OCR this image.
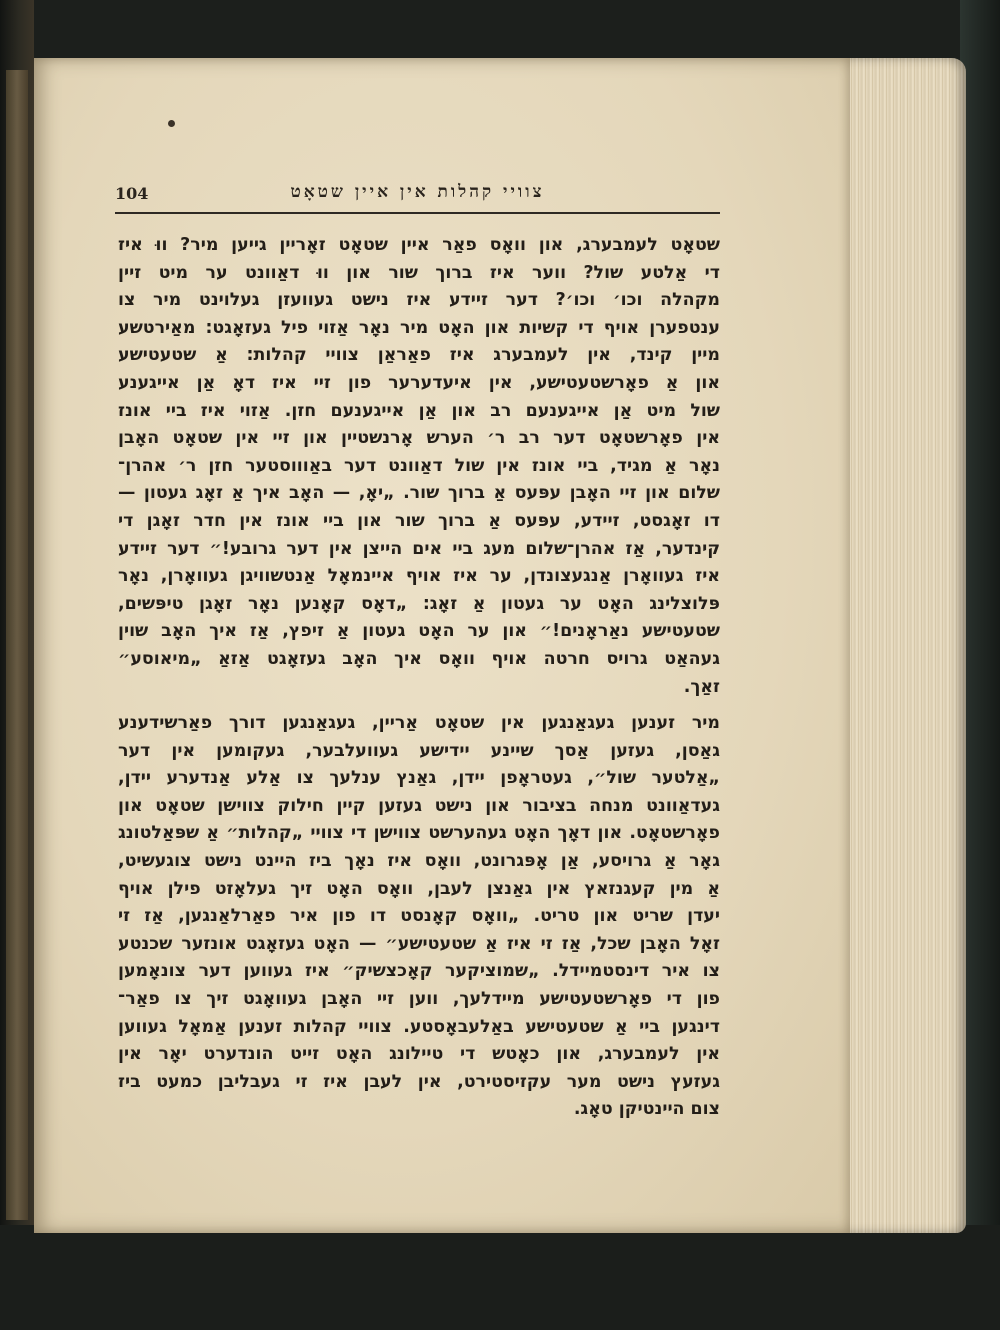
104	צוויי קהלות אין איין שטאָט
שטאָט לעמבערג, און וואָס פאַר איין שטאָט זאָריין גייען מיר? ווּ איז
די אַלטע שול? ווער איז ברוך שור און ווּ דאַוונט ער מיט זיין
מקהלה וכו׳ וכו׳? דער זיידע איז נישט געוועזן געלוינט מיר צו
ענטפערן אויף די קשיות און האָט מיר נאָר אַזוי פיל געזאָגט: מאַירטשע
מיין קינד, אין לעמבערג איז פאַראַן צוויי קהלות: אַ שטעטישע
און אַ פאָרשטעטישע, אין איעדערער פון זיי איז דאָ אַן אייגענע
שול מיט אַן אייגענעם רב און אַן אייגענעם חזן. אַזוי איז ביי אונז
אין פאָרשטאָט דער רב ר׳ הערש אָרנשטיין און זיי אין שטאָט האָבן
נאָר אַ מגיד, ביי אונז אין שול דאַוונט דער באַוווסטער חזן ר׳ אהרן־
שלום און זיי האָבן עפּעס אַ ברוך שור. „יאָ, — האָב איך אַ זאָג געטון —
דו זאָגסט, זיידע, עפּעס אַ ברוך שור און ביי אונז אין חדר זאָגן די
קינדער, אַז אהרן־שלום מעג ביי אים הייצן אין דער גרובע!״ דער זיידע
איז געוואָרן אַנגעצונדן, ער איז אויף איינמאָל אַנטשוויגן געוואָרן, נאָר
פּלוצלינג האָט ער געטון אַ זאָג: „דאָס קאָנען נאָר זאָגן טיפּשים,
שטעטישע נאַראָנים!״ און ער האָט געטון אַ זיפץ, אַז איך האָב שוין
געהאַט גרויס חרטה אויף וואָס איך האָב געזאָגט אַזאַ „מיאוסע״
זאַך.
מיר זענען געגאַנגען אין שטאָט אַריין, געגאַנגען דורך פאַרשידענע
גאַסן, געזען אַסך שיינע יידישע געוועלבער, געקומען אין דער
„אַלטער שול״, געטראָפן יידן, גאַנץ ענלעך צו אַלע אַנדערע יידן,
געדאַוונט מנחה בציבור און נישט געזען קיין חילוק צווישן שטאָט און
פאָרשטאָט. און דאָך האָט געהערשט צווישן די צוויי „קהלות״ אַ שפּאַלטונג
גאָר אַ גרויסע, אַן אָפּגרונט, וואָס איז נאָך ביז היינט נישט צוגעשיט,
אַ מין קעגנזאץ אין גאַנצן לעבן, וואָס האָט זיך געלאָזט פילן אויף
יעדן שריט און טריט. „וואָס קאָנסט דו פון איר פאַרלאַנגען, אַז זי
זאָל האָבן שכל, אַז זי איז אַ שטעטישע״ — האָט געזאָגט אונזער שכנטע
צו איר דינסטמיידל. „שמוציקער קאָכצשיק״ איז געווען דער צונאָמען
פון די פאָרשטעטישע מיידלעך, ווען זיי האָבן געוואָגט זיך צו פאַר־
דינגען ביי אַ שטעטישע באַלעבאָסטע. צוויי קהלות זענען אַמאָל געווען
אין לעמבערג, און כאָטש די טיילונג האָט זייט הונדערט יאָר אין
געזעץ נישט מער עקזיסטירט, אין לעבן איז זי געבליבן כמעט ביז
צום היינטיקן טאָג.
